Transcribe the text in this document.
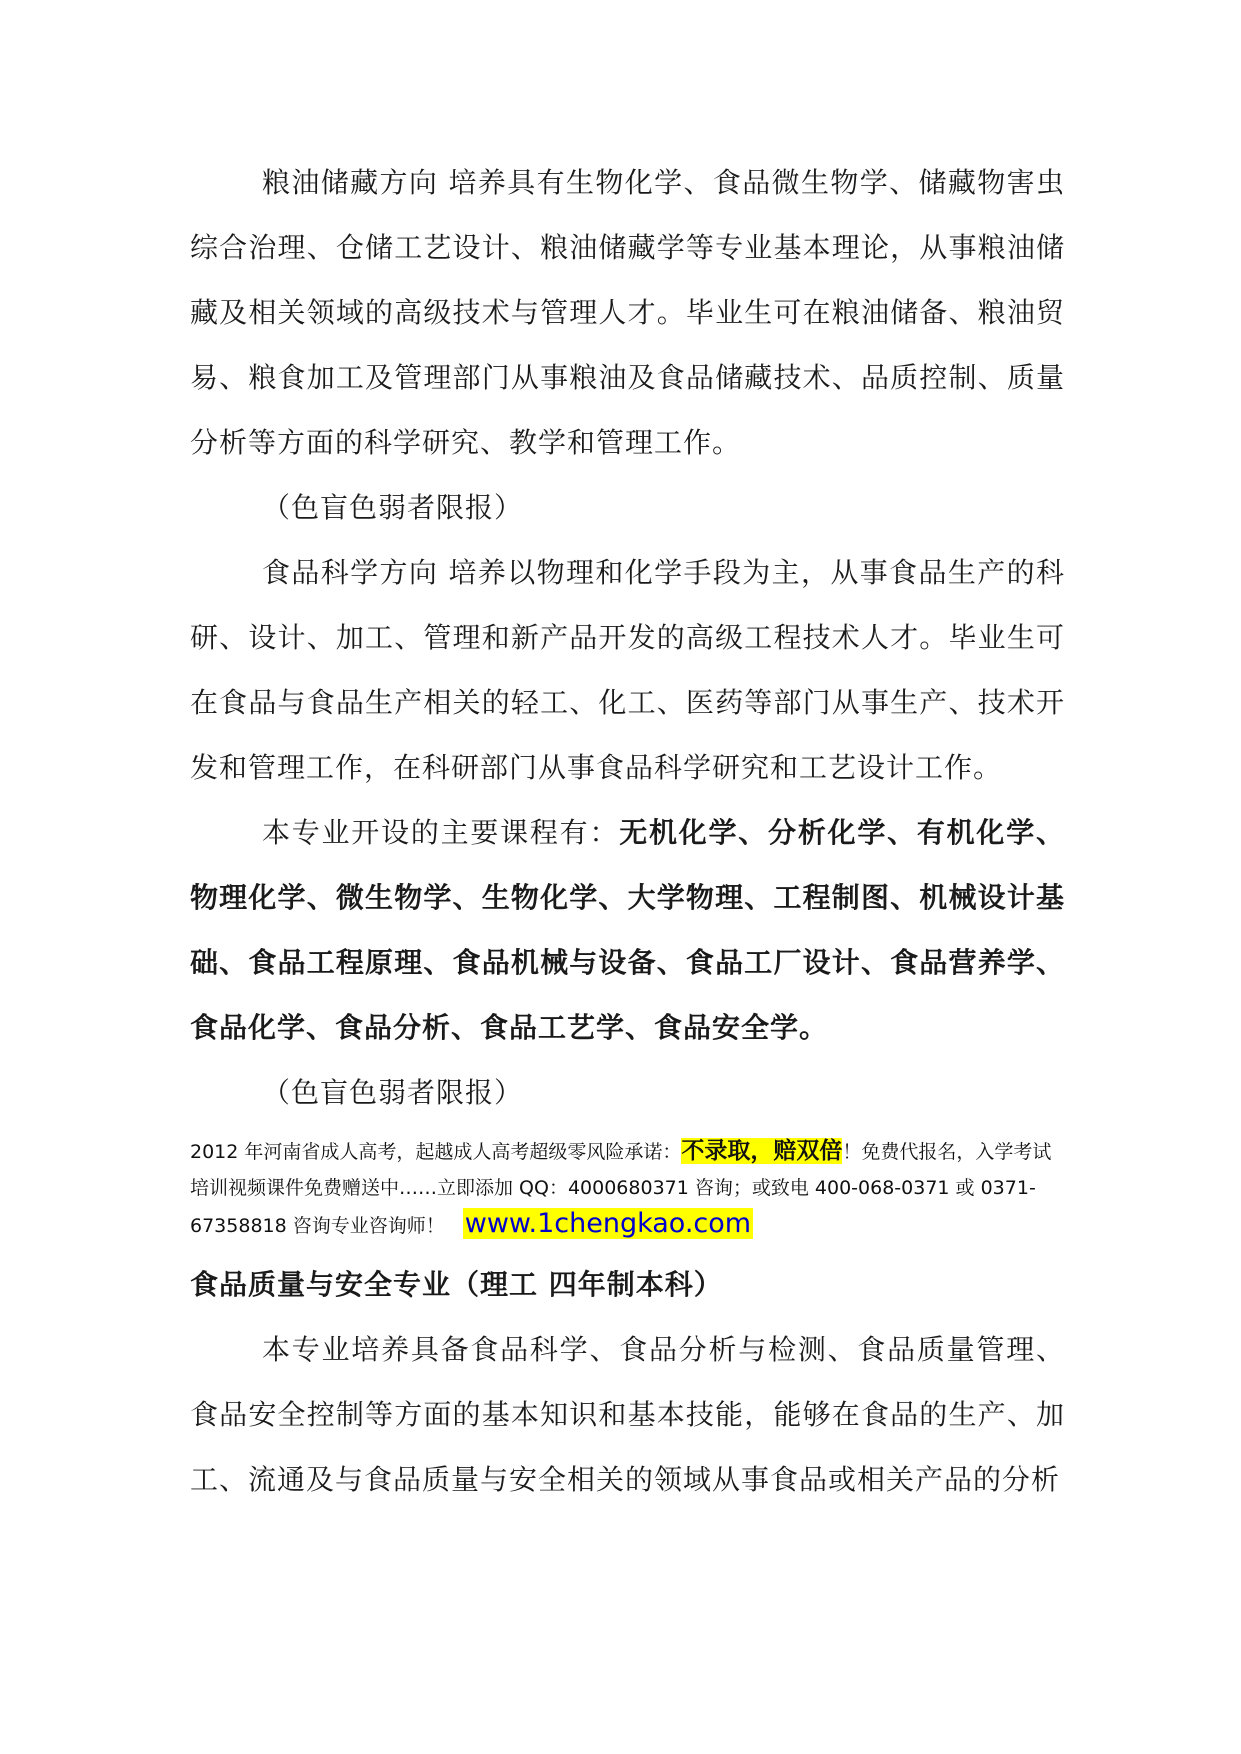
粮油储藏方向 培养具有生物化学、食品微生物学、储藏物害虫综合治理、仓储工艺设计、粮油储藏学等专业基本理论，从事粮油储藏及相关领域的高级技术与管理人才。毕业生可在粮油储备、粮油贸易、粮食加工及管理部门从事粮油及食品储藏技术、品质控制、质量分析等方面的科学研究、教学和管理工作。

（色盲色弱者限报）

食品科学方向 培养以物理和化学手段为主，从事食品生产的科研、设计、加工、管理和新产品开发的高级工程技术人才。毕业生可在食品与食品生产相关的轻工、化工、医药等部门从事生产、技术开发和管理工作，在科研部门从事食品科学研究和工艺设计工作。

本专业开设的主要课程有：无机化学、分析化学、有机化学、物理化学、微生物学、生物化学、大学物理、工程制图、机械设计基础、食品工程原理、食品机械与设备、食品工厂设计、食品营养学、食品化学、食品分析、食品工艺学、食品安全学。

（色盲色弱者限报）

2012 年河南省成人高考，起越成人高考超级零风险承诺：不录取，赔双倍！免费代报名，入学考试培训视频课件免费赠送中……立即添加 QQ：4000680371 咨询；或致电 400-068-0371 或 0371-67358818 咨询专业咨询师！ www.1chengkao.com

食品质量与安全专业（理工 四年制本科）

本专业培养具备食品科学、食品分析与检测、食品质量管理、食品安全控制等方面的基本知识和基本技能，能够在食品的生产、加工、流通及与食品质量与安全相关的领域从事食品或相关产品的分析
